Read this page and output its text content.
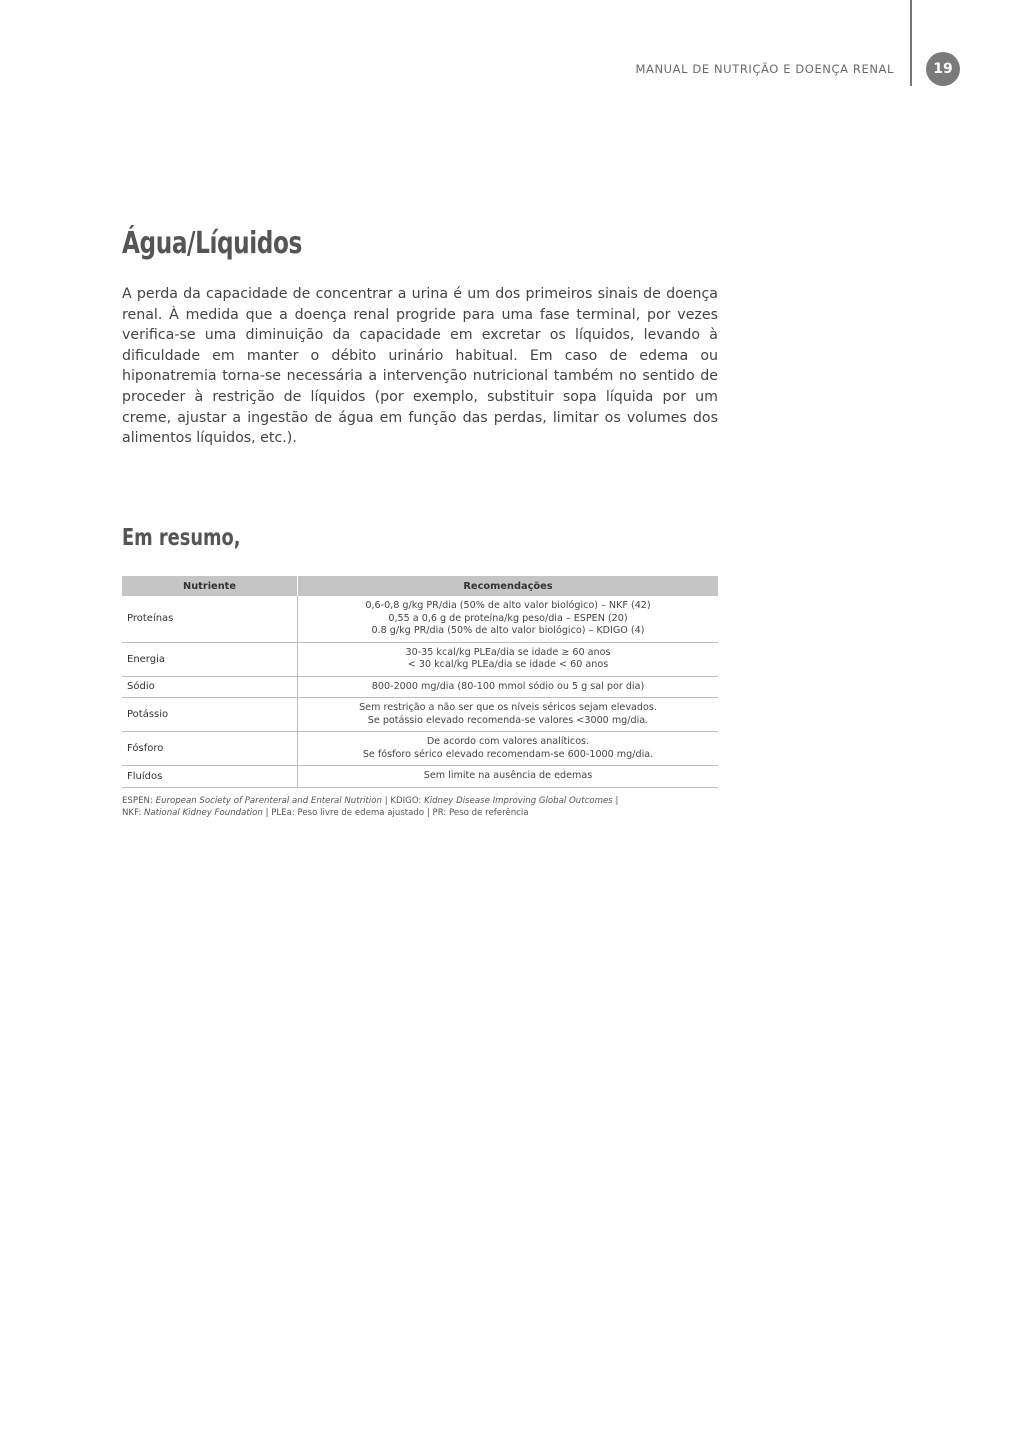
MANUAL DE NUTRIÇÃO E DOENÇA RENAL	19
Água/Líquidos

A perda da capacidade de concentrar a urina é um dos primeiros sinais de doença renal. À medida que a doença renal progride para uma fase terminal, por vezes verifica-se uma diminuição da capacidade em excretar os líquidos, levando à dificuldade em manter o débito urinário habitual. Em caso de edema ou hiponatremia torna-se necessária a intervenção nutricional também no sentido de proceder à restrição de líquidos (por exemplo, substituir sopa líquida por um creme, ajustar a ingestão de água em função das perdas, limitar os volumes dos alimentos líquidos, etc.).

Em resumo,
Nutriente	Recomendações
Proteínas	0,6-0,8 g/kg PR/dia (50% de alto valor biológico) – NKF (42)
0,55 a 0,6 g de proteína/kg peso/dia – ESPEN (20)
0.8 g/kg PR/dia (50% de alto valor biológico) – KDIGO (4)

Energia	30-35 kcal/kg PLEa/dia se idade ≥ 60 anos
< 30 kcal/kg PLEa/dia se idade < 60 anos

Sódio	800-2000 mg/dia (80-100 mmol sódio ou 5 g sal por dia)

Potássio	Sem restrição a não ser que os níveis séricos sejam elevados.
Se potássio elevado recomenda-se valores <3000 mg/dia.

Fósforo	De acordo com valores analíticos.
Se fósforo sérico elevado recomendam-se 600-1000 mg/dia.

Fluídos	Sem limite na ausência de edemas

ESPEN: European Society of Parenteral and Enteral Nutrition | KDIGO: Kidney Disease Improving Global Outcomes |
NKF: National Kidney Foundation | PLEa: Peso livre de edema ajustado | PR: Peso de referência
